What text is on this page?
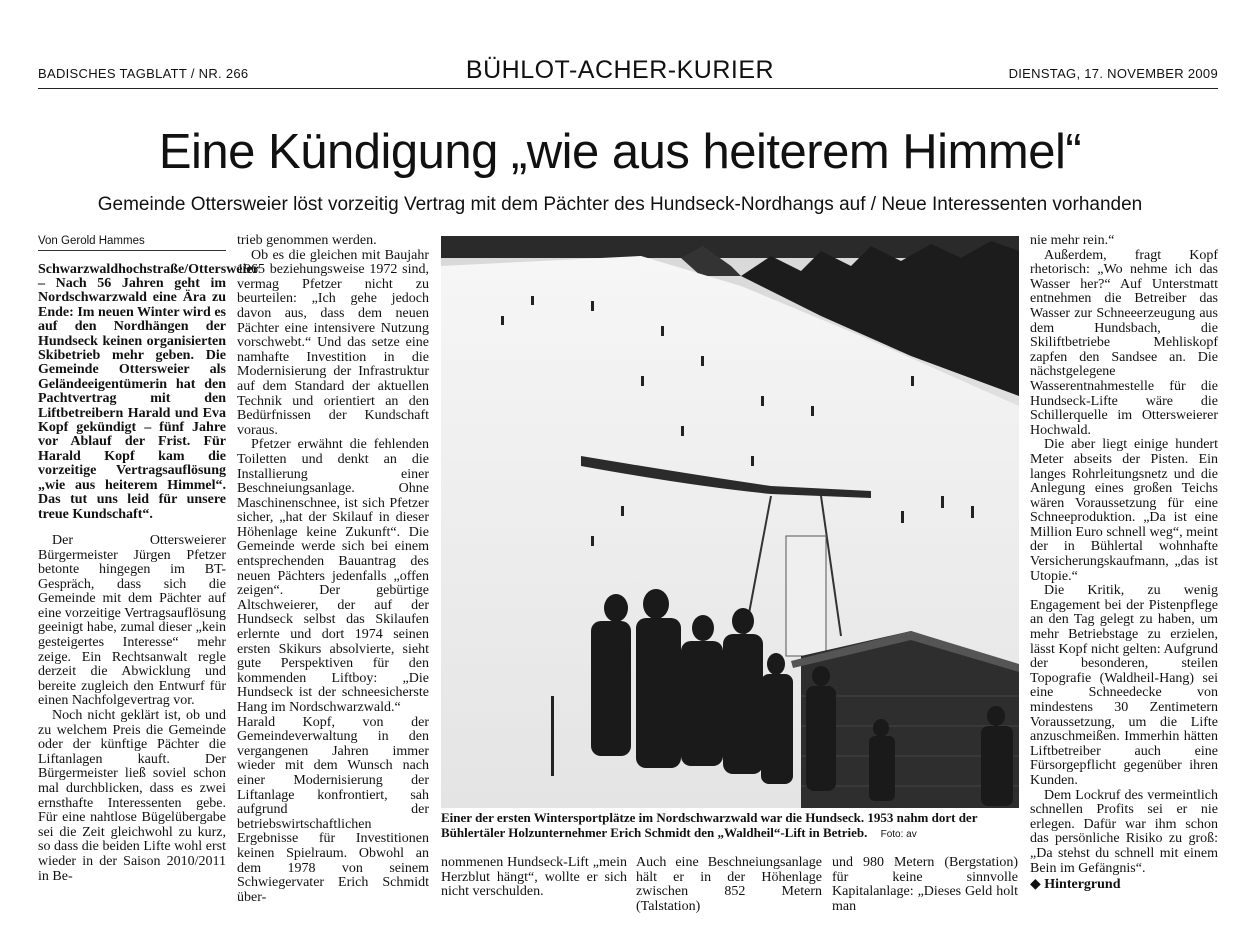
BADISCHES TAGBLATT / NR. 266	BÜHLOT-ACHER-KURIER	DIENSTAG, 17. NOVEMBER 2009
Eine Kündigung „wie aus heiterem Himmel“
Gemeinde Ottersweier löst vorzeitig Vertrag mit dem Pächter des Hundseck-Nordhangs auf / Neue Interessenten vorhanden
Von Gerold Hammes

Schwarzwaldhochstraße/Ottersweier – Nach 56 Jahren geht im Nordschwarzwald eine Ära zu Ende: Im neuen Winter wird es auf den Nordhängen der Hundseck keinen organisierten Skibetrieb mehr geben. Die Gemeinde Ottersweier als Geländeeigentümerin hat den Pachtvertrag mit den Liftbetreibern Harald und Eva Kopf gekündigt – fünf Jahre vor Ablauf der Frist. Für Harald Kopf kam die vorzeitige Vertragsauflösung „wie aus heiterem Himmel“. Das tut uns leid für unsere treue Kundschaft“.

Der Ottersweierer Bürgermeister Jürgen Pfetzer betonte hingegen im BT-Gespräch, dass sich die Gemeinde mit dem Pächter auf eine vorzeitige Vertragsauflösung geeinigt habe, zumal dieser „kein gesteigertes Interesse“ mehr zeige. Ein Rechtsanwalt regle derzeit die Abwicklung und bereite zugleich den Entwurf für einen Nachfolgevertrag vor.

Noch nicht geklärt ist, ob und zu welchem Preis die Gemeinde oder der künftige Pächter die Liftanlagen kauft. Der Bürgermeister ließ soviel schon mal durchblicken, dass es zwei ernsthafte Interessenten gebe. Für eine nahtlose Bügelübergabe sei die Zeit gleichwohl zu kurz, so dass die beiden Lifte wohl erst wieder in der Saison 2010/2011 in Be-

trieb genommen werden.

Ob es die gleichen mit Baujahr 1965 beziehungsweise 1972 sind, vermag Pfetzer nicht zu beurteilen: „Ich gehe jedoch davon aus, dass dem neuen Pächter eine intensivere Nutzung vorschwebt.“ Und das setze eine namhafte Investition in die Modernisierung der Infrastruktur auf dem Standard der aktuellen Technik und orientiert an den Bedürfnissen der Kundschaft voraus.

Pfetzer erwähnt die fehlenden Toiletten und denkt an die Installierung einer Beschneiungsanlage. Ohne Maschinenschnee, ist sich Pfetzer sicher, „hat der Skilauf in dieser Höhenlage keine Zukunft“. Die Gemeinde werde sich bei einem entsprechenden Bauantrag des neuen Pächters jedenfalls „offen zeigen“. Der gebürtige Altschweierer, der auf der Hundseck selbst das Skilaufen erlernte und dort 1974 seinen ersten Skikurs absolvierte, sieht gute Perspektiven für den kommenden Liftboy: „Die Hundseck ist der schneesicherste Hang im Nordschwarzwald.“

Harald Kopf, von der Gemeindeverwaltung in den vergangenen Jahren immer wieder mit dem Wunsch nach einer Modernisierung der Liftanlage konfrontiert, sah aufgrund der betriebswirtschaftlichen Ergebnisse für Investitionen keinen Spielraum. Obwohl an dem 1978 von seinem Schwiegervater Erich Schmidt über-

Einer der ersten Wintersportplätze im Nordschwarzwald war die Hundseck. 1953 nahm dort der Bühlertäler Holzunternehmer Erich Schmidt den „Waldheil“-Lift in Betrieb. Foto: av

nommenen Hundseck-Lift „mein Herzblut hängt“, wollte er sich nicht verschulden.

Auch eine Beschneiungsanlage hält er in der Höhenlage zwischen 852 Metern (Talstation)

und 980 Metern (Bergstation) für keine sinnvolle Kapitalanlage: „Dieses Geld holt man

nie mehr rein.“

Außerdem, fragt Kopf rhetorisch: „Wo nehme ich das Wasser her?“ Auf Unterstmatt entnehmen die Betreiber das Wasser zur Schneeerzeugung aus dem Hundsbach, die Skiliftbetriebe Mehliskopf zapfen den Sandsee an. Die nächstgelegene Wasserentnahmestelle für die Hundseck-Lifte wäre die Schillerquelle im Ottersweierer Hochwald.

Die aber liegt einige hundert Meter abseits der Pisten. Ein langes Rohrleitungsnetz und die Anlegung eines großen Teichs wären Voraussetzung für eine Schneeproduktion. „Da ist eine Million Euro schnell weg“, meint der in Bühlertal wohnhafte Versicherungskaufmann, „das ist Utopie.“

Die Kritik, zu wenig Engagement bei der Pistenpflege an den Tag gelegt zu haben, um mehr Betriebstage zu erzielen, lässt Kopf nicht gelten: Aufgrund der besonderen, steilen Topografie (Waldheil-Hang) sei eine Schneedecke von mindestens 30 Zentimetern Voraussetzung, um die Lifte anzuschmeißen. Immerhin hätten Liftbetreiber auch eine Fürsorgepflicht gegenüber ihren Kunden.

Dem Lockruf des vermeintlich schnellen Profits sei er nie erlegen. Dafür war ihm schon das persönliche Risiko zu groß: „Da stehst du schnell mit einem Bein im Gefängnis“.

◆ Hintergrund
